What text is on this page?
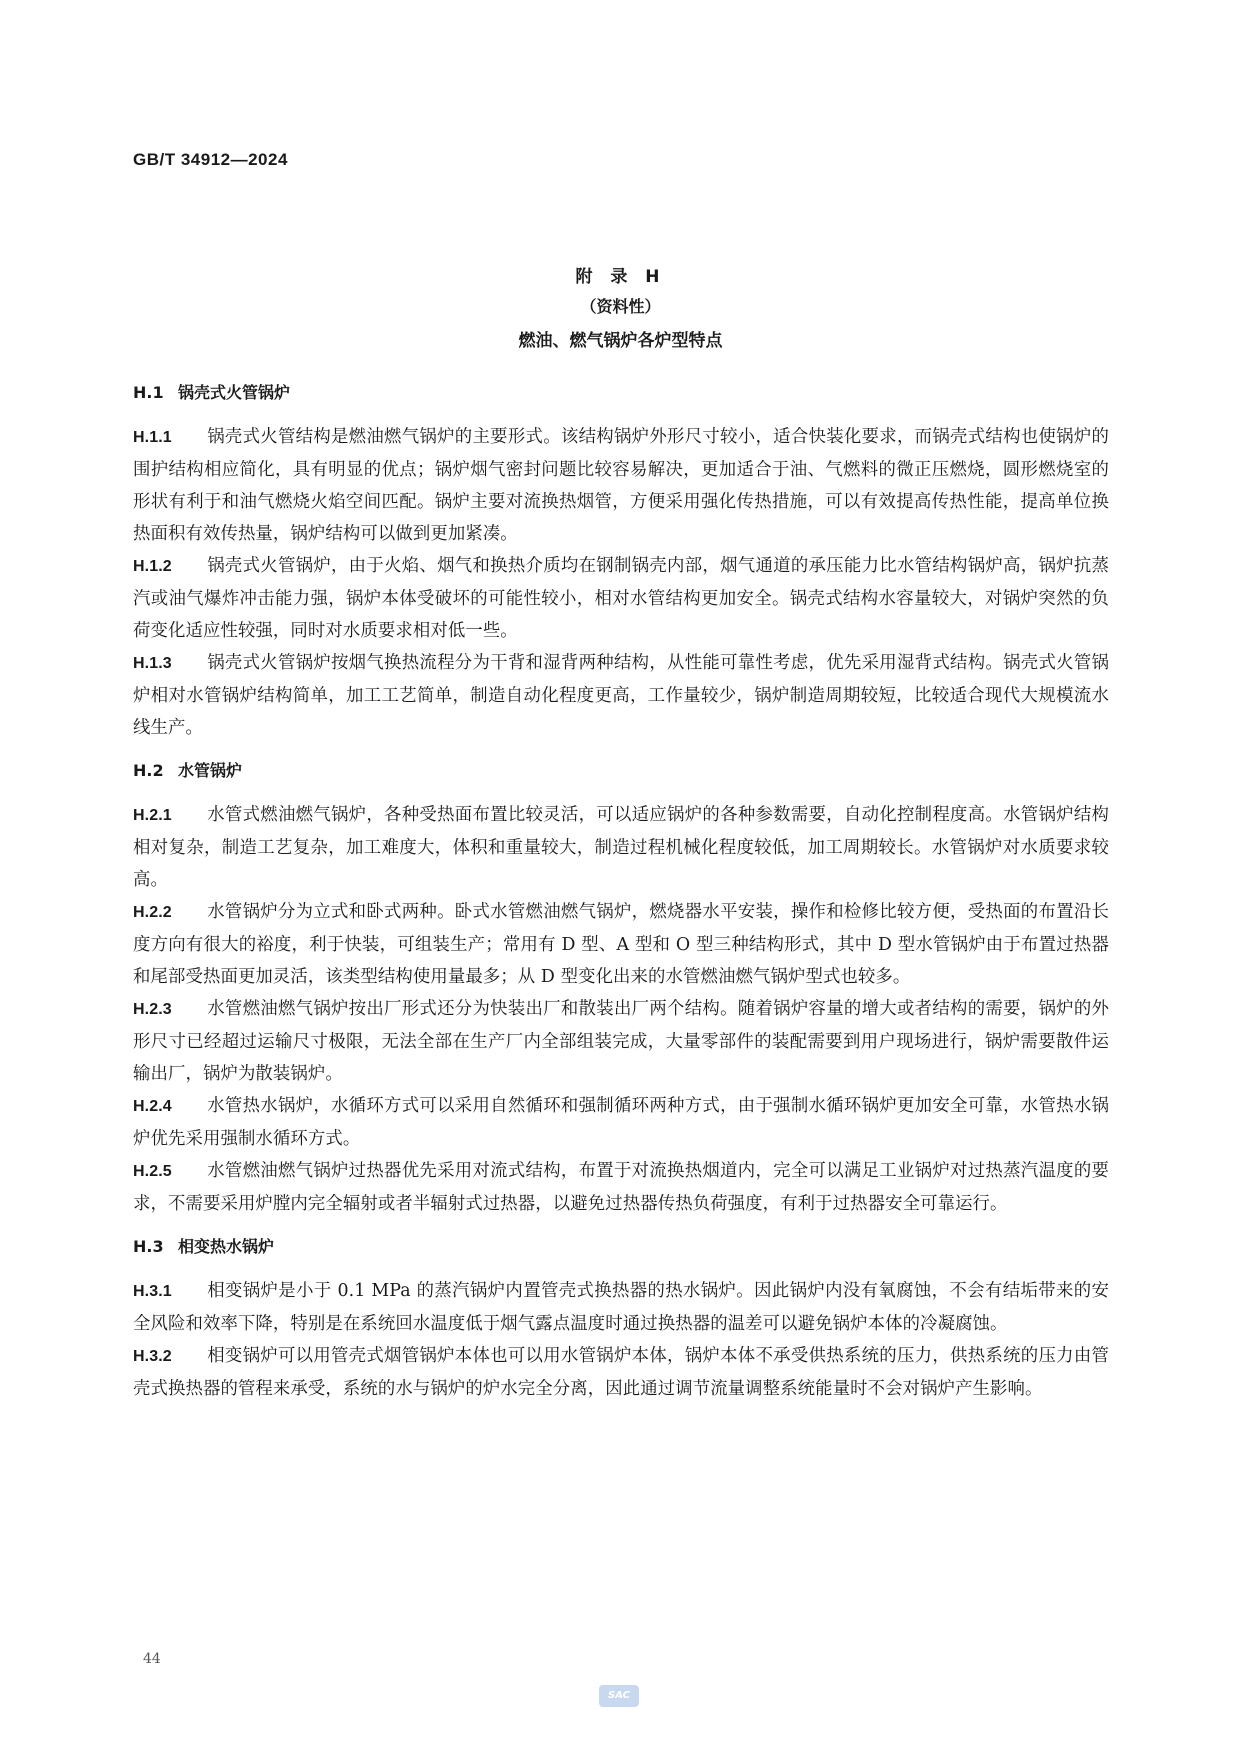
GB/T 34912—2024
附 录 H
（资料性）
燃油、燃气锅炉各炉型特点
H.1 锅壳式火管锅炉

H.1.1 锅壳式火管结构是燃油燃气锅炉的主要形式。该结构锅炉外形尺寸较小，适合快装化要求，而锅壳式结构也使锅炉的围护结构相应简化，具有明显的优点；锅炉烟气密封问题比较容易解决，更加适合于油、气燃料的微正压燃烧，圆形燃烧室的形状有利于和油气燃烧火焰空间匹配。锅炉主要对流换热烟管，方便采用强化传热措施，可以有效提高传热性能，提高单位换热面积有效传热量，锅炉结构可以做到更加紧凑。

H.1.2 锅壳式火管锅炉，由于火焰、烟气和换热介质均在钢制锅壳内部，烟气通道的承压能力比水管结构锅炉高，锅炉抗蒸汽或油气爆炸冲击能力强，锅炉本体受破坏的可能性较小，相对水管结构更加安全。锅壳式结构水容量较大，对锅炉突然的负荷变化适应性较强，同时对水质要求相对低一些。

H.1.3 锅壳式火管锅炉按烟气换热流程分为干背和湿背两种结构，从性能可靠性考虑，优先采用湿背式结构。锅壳式火管锅炉相对水管锅炉结构简单，加工工艺简单，制造自动化程度更高，工作量较少，锅炉制造周期较短，比较适合现代大规模流水线生产。

H.2 水管锅炉

H.2.1 水管式燃油燃气锅炉，各种受热面布置比较灵活，可以适应锅炉的各种参数需要，自动化控制程度高。水管锅炉结构相对复杂，制造工艺复杂，加工难度大，体积和重量较大，制造过程机械化程度较低，加工周期较长。水管锅炉对水质要求较高。

H.2.2 水管锅炉分为立式和卧式两种。卧式水管燃油燃气锅炉，燃烧器水平安装，操作和检修比较方便，受热面的布置沿长度方向有很大的裕度，利于快装，可组装生产；常用有 D 型、A 型和 O 型三种结构形式，其中 D 型水管锅炉由于布置过热器和尾部受热面更加灵活，该类型结构使用量最多；从 D 型变化出来的水管燃油燃气锅炉型式也较多。

H.2.3 水管燃油燃气锅炉按出厂形式还分为快装出厂和散装出厂两个结构。随着锅炉容量的增大或者结构的需要，锅炉的外形尺寸已经超过运输尺寸极限，无法全部在生产厂内全部组装完成，大量零部件的装配需要到用户现场进行，锅炉需要散件运输出厂，锅炉为散装锅炉。

H.2.4 水管热水锅炉，水循环方式可以采用自然循环和强制循环两种方式，由于强制水循环锅炉更加安全可靠，水管热水锅炉优先采用强制水循环方式。

H.2.5 水管燃油燃气锅炉过热器优先采用对流式结构，布置于对流换热烟道内，完全可以满足工业锅炉对过热蒸汽温度的要求，不需要采用炉膛内完全辐射或者半辐射式过热器，以避免过热器传热负荷强度，有利于过热器安全可靠运行。

H.3 相变热水锅炉

H.3.1 相变锅炉是小于 0.1 MPa 的蒸汽锅炉内置管壳式换热器的热水锅炉。因此锅炉内没有氧腐蚀，不会有结垢带来的安全风险和效率下降，特别是在系统回水温度低于烟气露点温度时通过换热器的温差可以避免锅炉本体的冷凝腐蚀。

H.3.2 相变锅炉可以用管壳式烟管锅炉本体也可以用水管锅炉本体，锅炉本体不承受供热系统的压力，供热系统的压力由管壳式换热器的管程来承受，系统的水与锅炉的炉水完全分离，因此通过调节流量调整系统能量时不会对锅炉产生影响。

44
SAC
